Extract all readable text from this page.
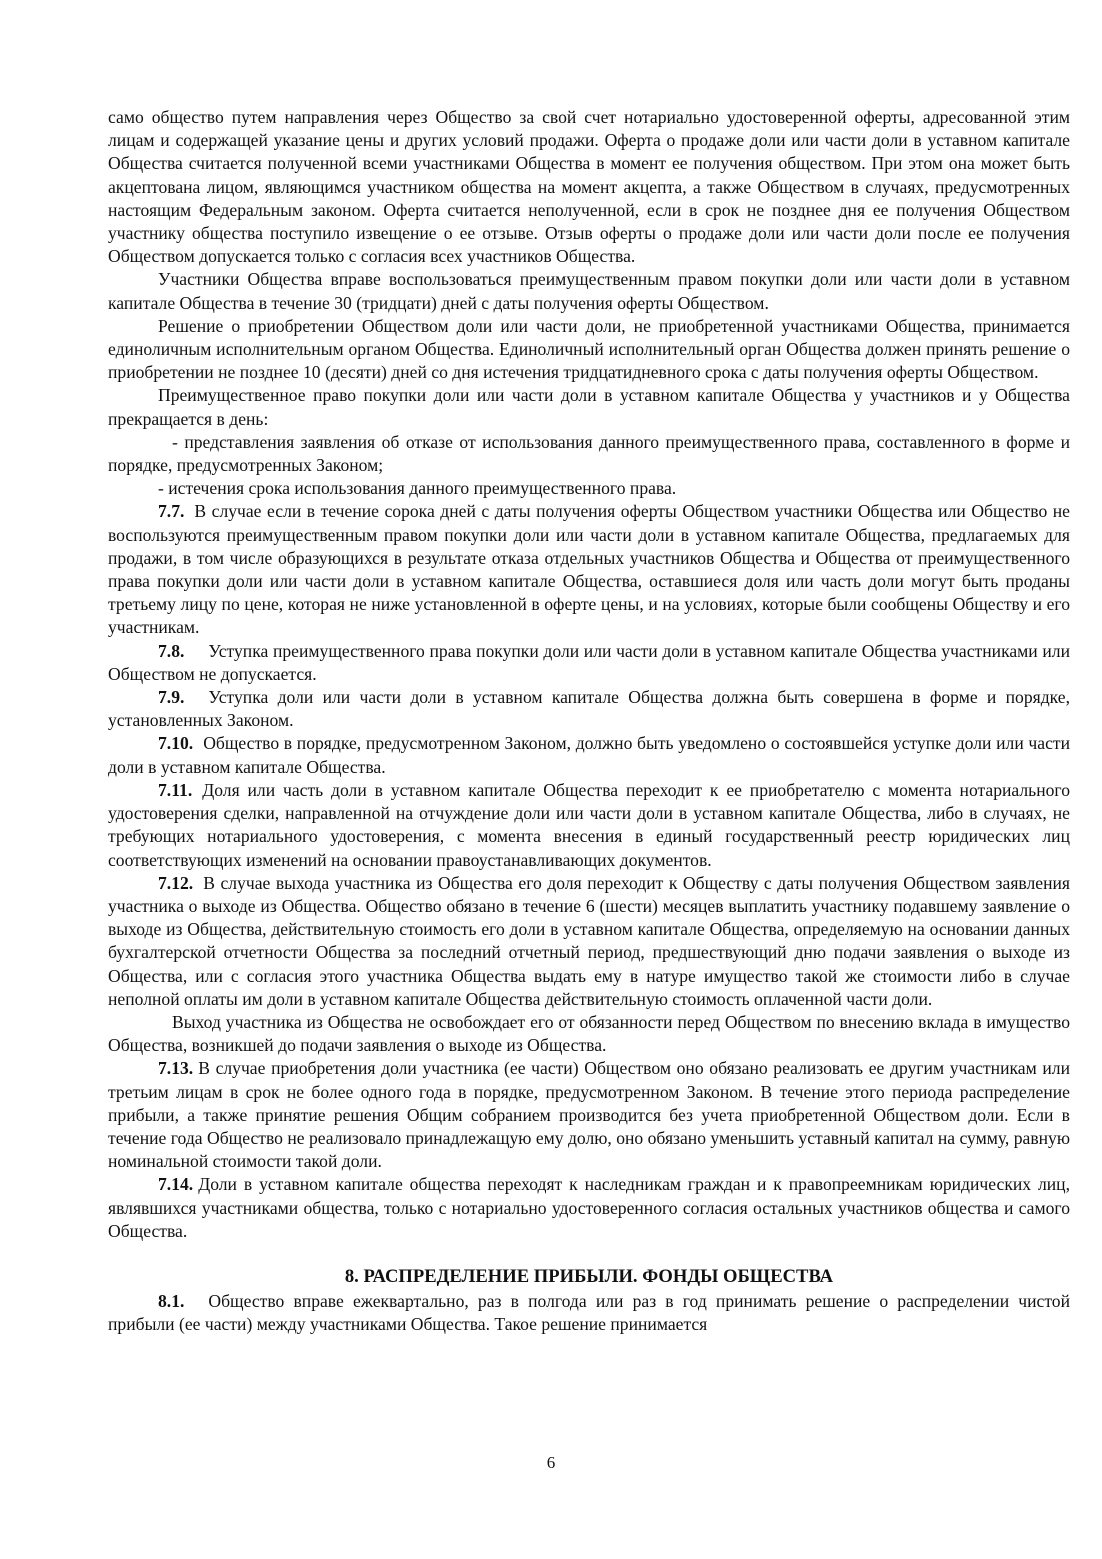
само общество путем направления через Общество за свой счет нотариально удостоверенной оферты, адресованной этим лицам и содержащей указание цены и других условий продажи. Оферта о продаже доли или части доли в уставном капитале Общества считается полученной всеми участниками Общества в момент ее получения обществом. При этом она может быть акцептована лицом, являющимся участником общества на момент акцепта, а также Обществом в случаях, предусмотренных настоящим Федеральным законом. Оферта считается неполученной, если в срок не позднее дня ее получения Обществом участнику общества поступило извещение о ее отзыве. Отзыв оферты о продаже доли или части доли после ее получения Обществом допускается только с согласия всех участников Общества.

Участники Общества вправе воспользоваться преимущественным правом покупки доли или части доли в уставном капитале Общества в течение 30 (тридцати) дней с даты получения оферты Обществом.

Решение о приобретении Обществом доли или части доли, не приобретенной участниками Общества, принимается единоличным исполнительным органом Общества. Единоличный исполнительный орган Общества должен принять решение о приобретении не позднее 10 (десяти) дней со дня истечения тридцатидневного срока с даты получения оферты Обществом.

Преимущественное право покупки доли или части доли в уставном капитале Общества у участников и у Общества прекращается в день:

- представления заявления об отказе от использования данного преимущественного права, составленного в форме и порядке, предусмотренных Законом;

- истечения срока использования данного преимущественного права.

7.7. В случае если в течение сорока дней с даты получения оферты Обществом участники Общества или Общество не воспользуются преимущественным правом покупки доли или части доли в уставном капитале Общества, предлагаемых для продажи, в том числе образующихся в результате отказа отдельных участников Общества и Общества от преимущественного права покупки доли или части доли в уставном капитале Общества, оставшиеся доля или часть доли могут быть проданы третьему лицу по цене, которая не ниже установленной в оферте цены, и на условиях, которые были сообщены Обществу и его участникам.

7.8. Уступка преимущественного права покупки доли или части доли в уставном капитале Общества участниками или Обществом не допускается.

7.9. Уступка доли или части доли в уставном капитале Общества должна быть совершена в форме и порядке, установленных Законом.

7.10. Общество в порядке, предусмотренном Законом, должно быть уведомлено о состоявшейся уступке доли или части доли в уставном капитале Общества.

7.11. Доля или часть доли в уставном капитале Общества переходит к ее приобретателю с момента нотариального удостоверения сделки, направленной на отчуждение доли или части доли в уставном капитале Общества, либо в случаях, не требующих нотариального удостоверения, с момента внесения в единый государственный реестр юридических лиц соответствующих изменений на основании правоустанавливающих документов.

7.12. В случае выхода участника из Общества его доля переходит к Обществу с даты получения Обществом заявления участника о выходе из Общества. Общество обязано в течение 6 (шести) месяцев выплатить участнику подавшему заявление о выходе из Общества, действительную стоимость его доли в уставном капитале Общества, определяемую на основании данных бухгалтерской отчетности Общества за последний отчетный период, предшествующий дню подачи заявления о выходе из Общества, или с согласия этого участника Общества выдать ему в натуре имущество такой же стоимости либо в случае неполной оплаты им доли в уставном капитале Общества действительную стоимость оплаченной части доли.

Выход участника из Общества не освобождает его от обязанности перед Обществом по внесению вклада в имущество Общества, возникшей до подачи заявления о выходе из Общества.

7.13. В случае приобретения доли участника (ее части) Обществом оно обязано реализовать ее другим участникам или третьим лицам в срок не более одного года в порядке, предусмотренном Законом. В течение этого периода распределение прибыли, а также принятие решения Общим собранием производится без учета приобретенной Обществом доли. Если в течение года Общество не реализовало принадлежащую ему долю, оно обязано уменьшить уставный капитал на сумму, равную номинальной стоимости такой доли.

7.14. Доли в уставном капитале общества переходят к наследникам граждан и к правопреемникам юридических лиц, являвшихся участниками общества, только с нотариально удостоверенного согласия остальных участников общества и самого Общества.

8. РАСПРЕДЕЛЕНИЕ ПРИБЫЛИ. ФОНДЫ ОБЩЕСТВА

8.1. Общество вправе ежеквартально, раз в полгода или раз в год принимать решение о распределении чистой прибыли (ее части) между участниками Общества. Такое решение принимается

6
